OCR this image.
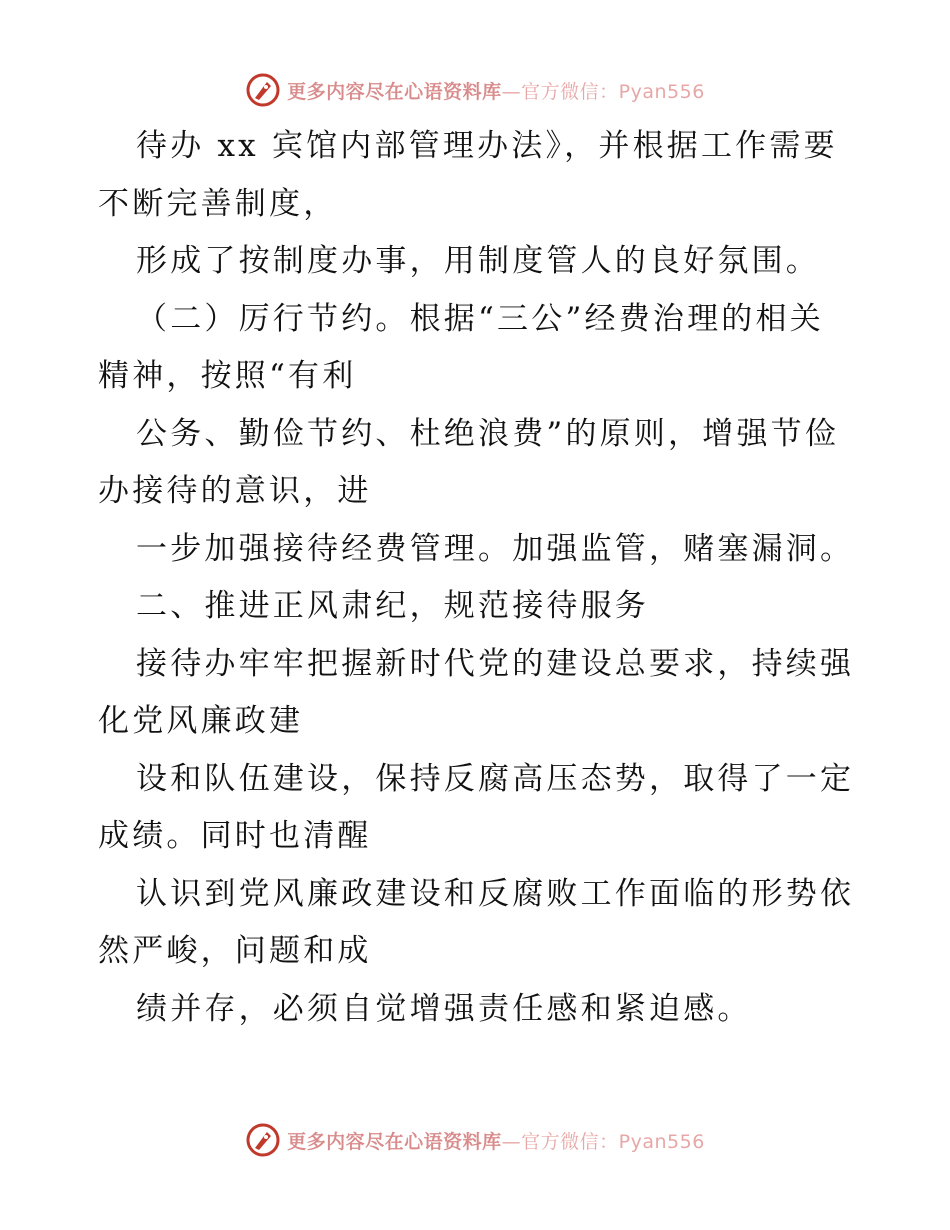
更多内容尽在心语资料库—官方微信：Pyan556
待办 xx 宾馆内部管理办法》，并根据工作需要
不断完善制度，
形成了按制度办事，用制度管人的良好氛围。
（二）厉行节约。根据“三公”经费治理的相关
精神，按照“有利
公务、勤俭节约、杜绝浪费”的原则，增强节俭
办接待的意识，进
一步加强接待经费管理。加强监管，赌塞漏洞。
二、推进正风肃纪，规范接待服务
接待办牢牢把握新时代党的建设总要求，持续强
化党风廉政建
设和队伍建设，保持反腐高压态势，取得了一定
成绩。同时也清醒
认识到党风廉政建设和反腐败工作面临的形势依
然严峻，问题和成
绩并存，必须自觉增强责任感和紧迫感。
更多内容尽在心语资料库—官方微信：Pyan556
